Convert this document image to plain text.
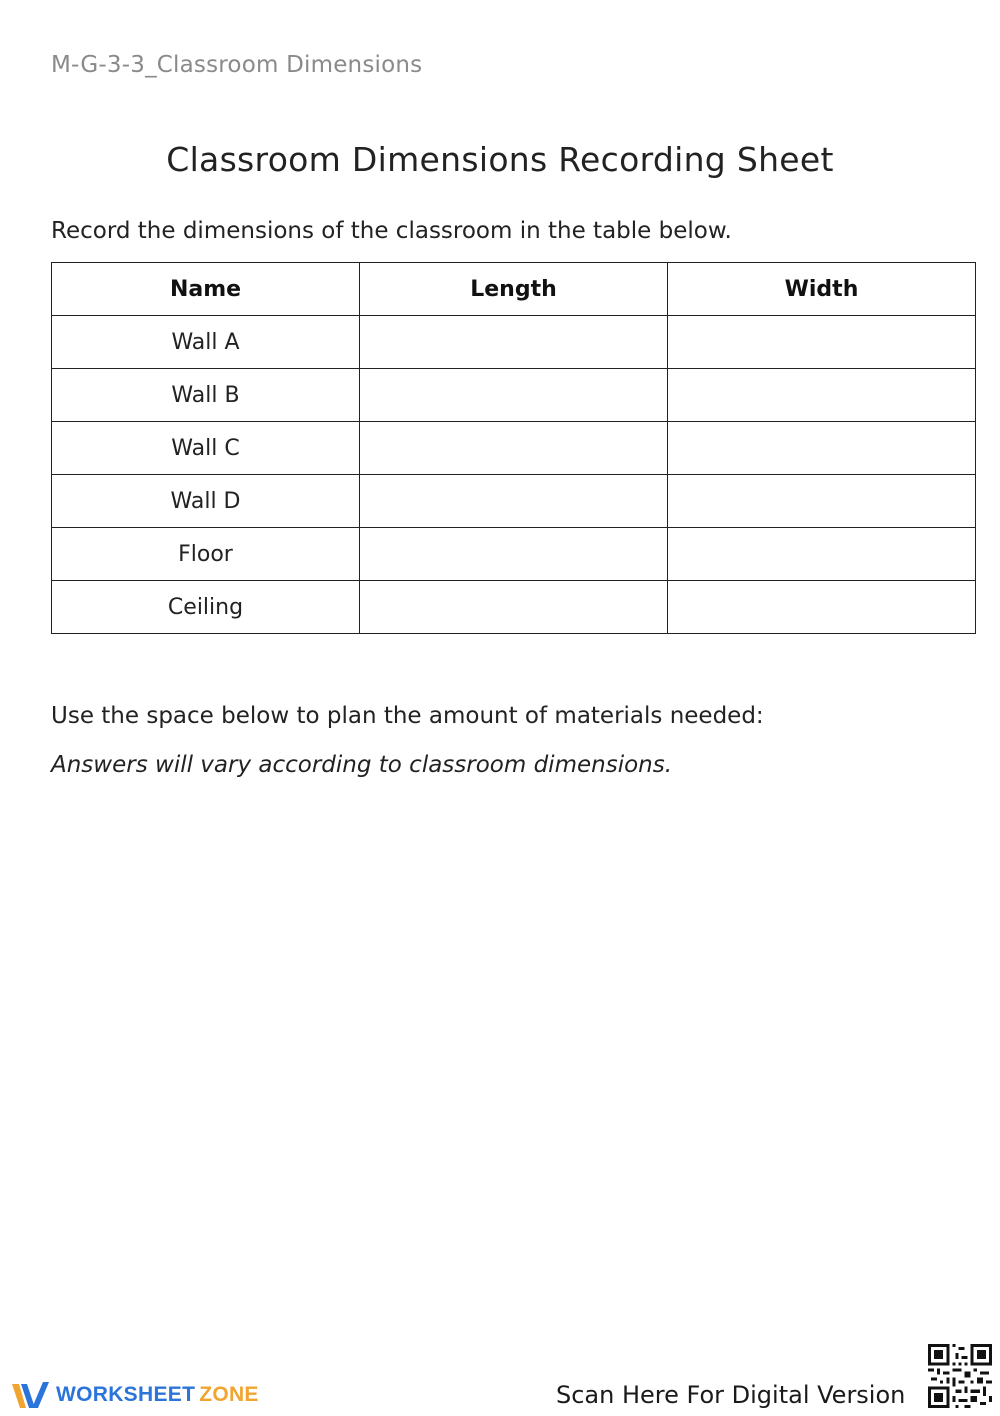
M-G-3-3_Classroom Dimensions
Classroom Dimensions Recording Sheet
Record the dimensions of the classroom in the table below.
Name	Length	Width
Wall A		
Wall B		
Wall C		
Wall D		
Floor		
Ceiling		
Use the space below to plan the amount of materials needed:
Answers will vary according to classroom dimensions.
WORKSHEET ZONE	Scan Here For Digital Version
